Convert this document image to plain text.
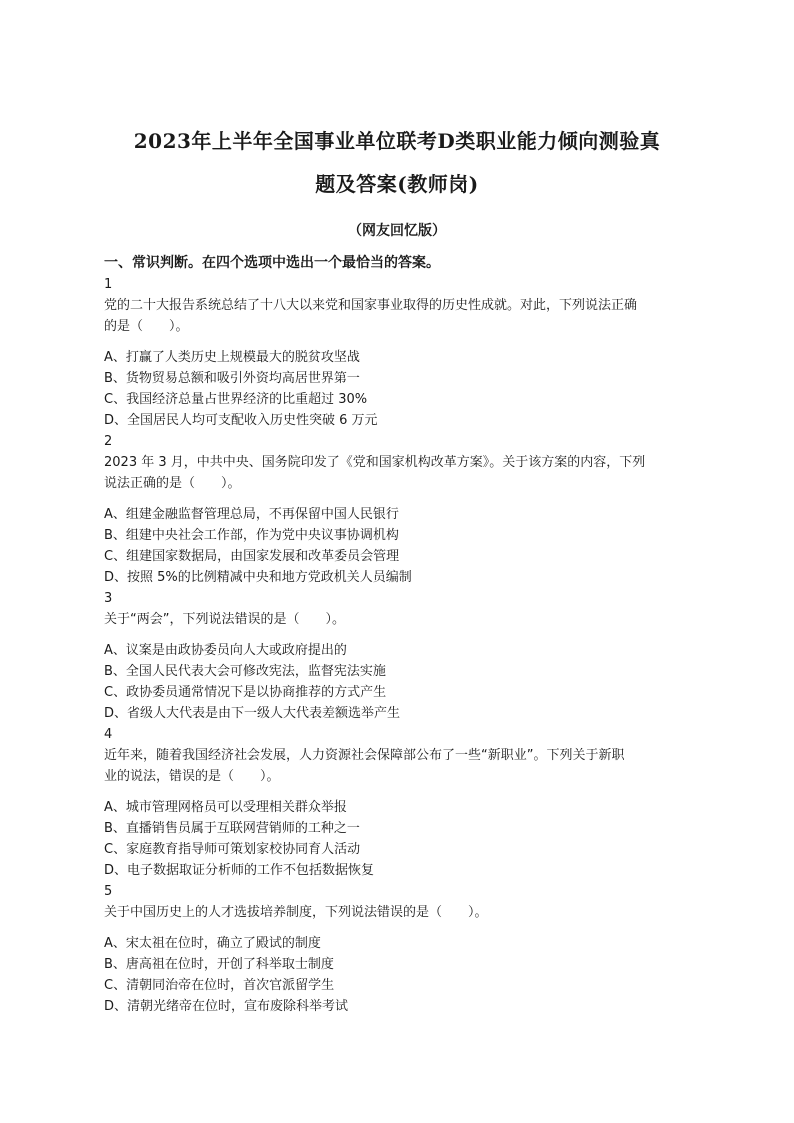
2023年上半年全国事业单位联考D类职业能力倾向测验真
题及答案(教师岗)
（网友回忆版）
一、常识判断。在四个选项中选出一个最恰当的答案。
1
党的二十大报告系统总结了十八大以来党和国家事业取得的历史性成就。对此，下列说法正确
的是（　　）。
A、打赢了人类历史上规模最大的脱贫攻坚战
B、货物贸易总额和吸引外资均高居世界第一
C、我国经济总量占世界经济的比重超过 30%
D、全国居民人均可支配收入历史性突破 6 万元
2
2023 年 3 月，中共中央、国务院印发了《党和国家机构改革方案》。关于该方案的内容，下列
说法正确的是（　　）。
A、组建金融监督管理总局，不再保留中国人民银行
B、组建中央社会工作部，作为党中央议事协调机构
C、组建国家数据局，由国家发展和改革委员会管理
D、按照 5%的比例精减中央和地方党政机关人员编制
3
关于“两会”，下列说法错误的是（　　）。
A、议案是由政协委员向人大或政府提出的
B、全国人民代表大会可修改宪法，监督宪法实施
C、政协委员通常情况下是以协商推荐的方式产生
D、省级人大代表是由下一级人大代表差额选举产生
4
近年来，随着我国经济社会发展，人力资源社会保障部公布了一些“新职业”。下列关于新职
业的说法，错误的是（　　）。
A、城市管理网格员可以受理相关群众举报
B、直播销售员属于互联网营销师的工种之一
C、家庭教育指导师可策划家校协同育人活动
D、电子数据取证分析师的工作不包括数据恢复
5
关于中国历史上的人才选拔培养制度，下列说法错误的是（　　）。
A、宋太祖在位时，确立了殿试的制度
B、唐高祖在位时，开创了科举取士制度
C、清朝同治帝在位时，首次官派留学生
D、清朝光绪帝在位时，宣布废除科举考试
